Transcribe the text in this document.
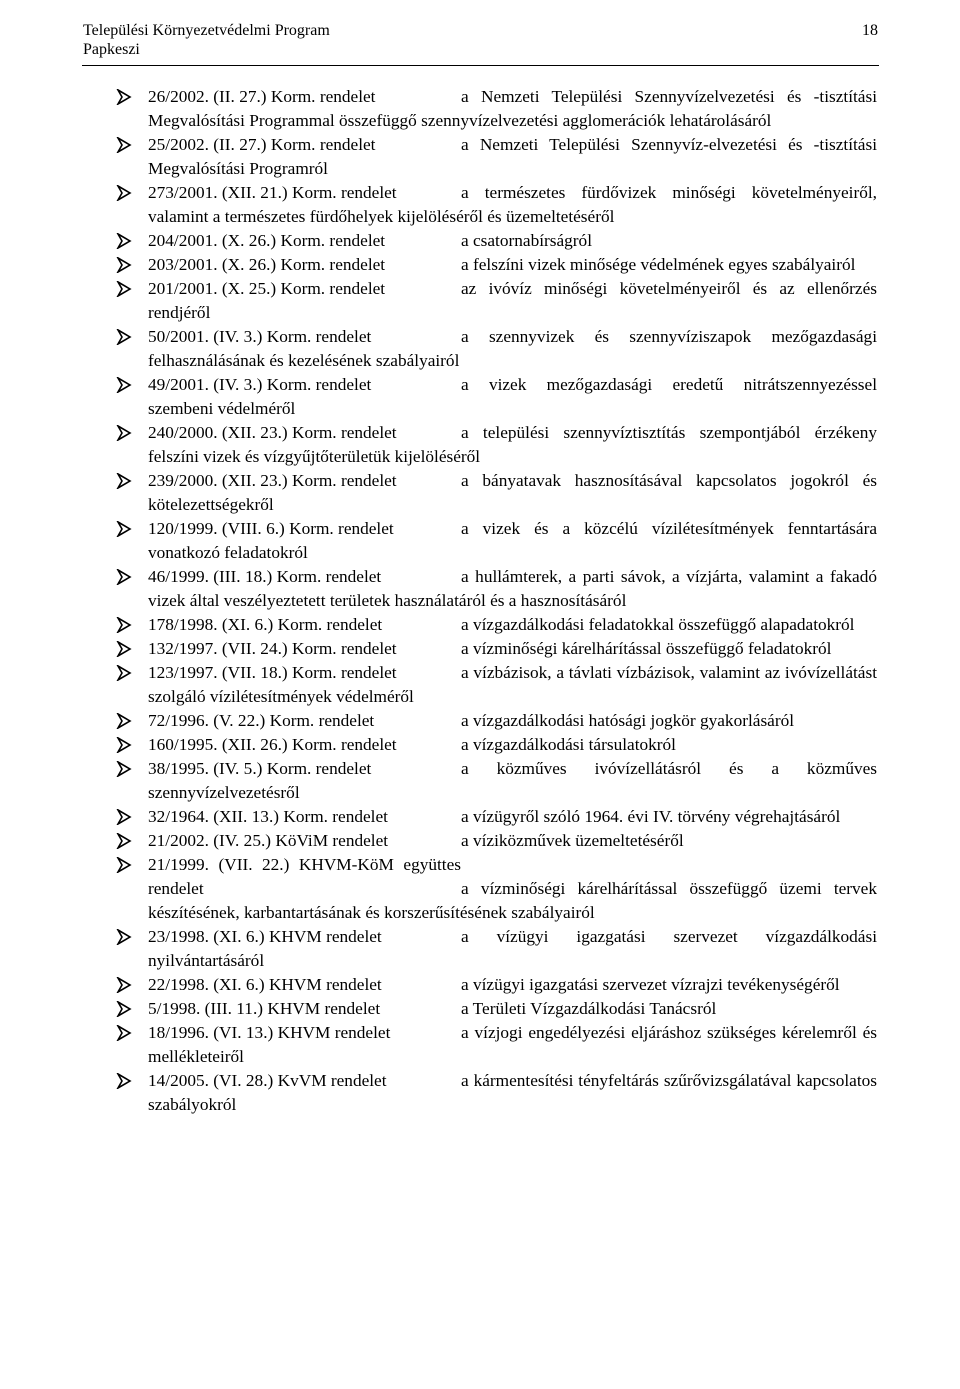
Települési Környezetvédelmi Program
Papkeszi
18
26/2002. (II. 27.) Korm. rendelet	a Nemzeti Települési Szennyvízelvezetési és -tisztítási Megvalósítási Programmal összefüggő szennyvízelvezetési agglomerációk lehatárolásáról
25/2002. (II. 27.) Korm. rendelet	a Nemzeti Települési Szennyvíz-elvezetési és -tisztítási Megvalósítási Programról
273/2001. (XII. 21.) Korm. rendelet	a természetes fürdővizek minőségi követelményeiről, valamint a természetes fürdőhelyek kijelöléséről és üzemeltetéséről
204/2001. (X. 26.) Korm. rendelet	a csatornabírságról
203/2001. (X. 26.) Korm. rendelet	a felszíni vizek minősége védelmének egyes szabályairól
201/2001. (X. 25.) Korm. rendelet	az ivóvíz minőségi követelményeiről és az ellenőrzés rendjéről
50/2001. (IV. 3.) Korm. rendelet	a szennyvizek és szennyvíziszapok mezőgazdasági felhasználásának és kezelésének szabályairól
49/2001. (IV. 3.) Korm. rendelet	a vizek mezőgazdasági eredetű nitrátszennyezéssel szembeni védelméről
240/2000. (XII. 23.) Korm. rendelet	a települési szennyvíztisztítás szempontjából érzékeny felszíni vizek és vízgyűjtőterületük kijelöléséről
239/2000. (XII. 23.) Korm. rendelet	a bányatavak hasznosításával kapcsolatos jogokról és kötelezettségekről
120/1999. (VIII. 6.) Korm. rendelet	a vizek és a közcélú vízilétesítmények fenntartására vonatkozó feladatokról
46/1999. (III. 18.) Korm. rendelet	a hullámterek, a parti sávok, a vízjárta, valamint a fakadó vizek által veszélyeztetett területek használatáról és a hasznosításáról
178/1998. (XI. 6.) Korm. rendelet	a vízgazdálkodási feladatokkal összefüggő alapadatokról
132/1997. (VII. 24.) Korm. rendelet	a vízminőségi kárelhárítással összefüggő feladatokról
123/1997. (VII. 18.) Korm. rendelet	a vízbázisok, a távlati vízbázisok, valamint az ivóvízellátást szolgáló vízilétesítmények védelméről
72/1996. (V. 22.) Korm. rendelet	a vízgazdálkodási hatósági jogkör gyakorlásáról
160/1995. (XII. 26.) Korm. rendelet	a vízgazdálkodási társulatokról
38/1995. (IV. 5.) Korm. rendelet	a közműves ivóvízellátásról és a közműves szennyvízelvezetésről
32/1964. (XII. 13.) Korm. rendelet	a vízügyről szóló 1964. évi IV. törvény végrehajtásáról
21/2002. (IV. 25.) KöViM rendelet	a víziközművek üzemeltetéséről
21/1999. (VII. 22.) KHVM-KöM együttes rendelet	a vízminőségi kárelhárítással összefüggő üzemi tervek készítésének, karbantartásának és korszerűsítésének szabályairól
23/1998. (XI. 6.) KHVM rendelet	a vízügyi igazgatási szervezet vízgazdálkodási nyilvántartásáról
22/1998. (XI. 6.) KHVM rendelet	a vízügyi igazgatási szervezet vízrajzi tevékenységéről
5/1998. (III. 11.) KHVM rendelet	a Területi Vízgazdálkodási Tanácsról
18/1996. (VI. 13.) KHVM rendelet	a vízjogi engedélyezési eljáráshoz szükséges kérelemről és mellékleteiről
14/2005. (VI. 28.) KvVM rendelet	a kármentesítési tényfeltárás szűrővizsgálatával kapcsolatos szabályokról
